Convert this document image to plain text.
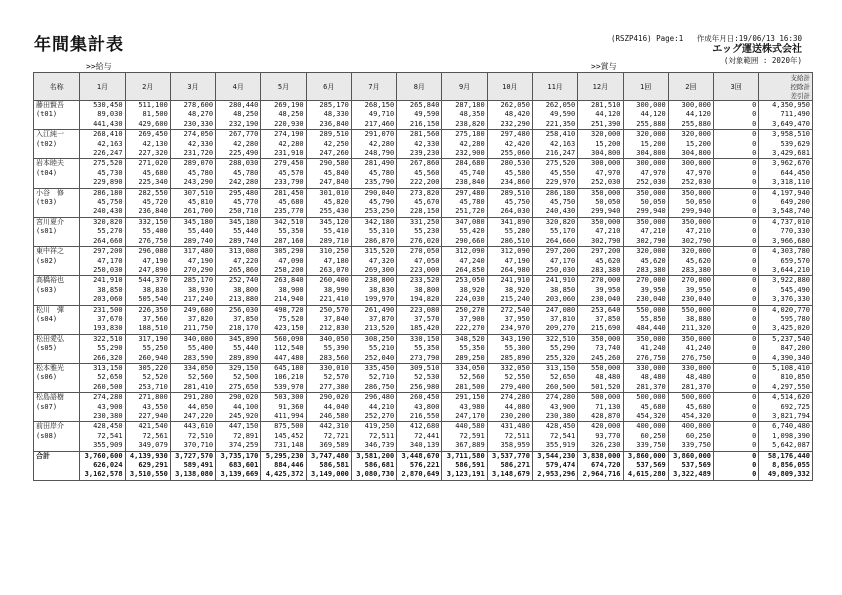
年間集計表	(RSZP416) Page:1 作成年月日:19/06/13 16:30
エッグ運送株式会社
(対象範囲 : 2020年)
>>給与	>>賞与
名称	1月	2月	3月	4月	5月	6月	7月	8月	9月	10月	11月	12月	1回	2回	3回	支給計
控除計
差引計

藤田賢吾	530,450	511,100	278,600	280,440	269,190	285,170	268,150	265,840	287,180	262,050	262,050	281,510	300,000	300,000	0	4,350,950
(t01)	89,030	81,500	48,270	48,250	48,250	48,330	49,710	49,590	48,350	48,420	49,590	44,120	44,120	44,120	0	711,490
	441,430	429,600	230,330	232,190	220,930	236,840	217,460	216,150	238,820	232,290	221,350	251,390	255,880	255,880	0	3,649,470
入江純一	268,410	269,450	274,050	267,770	274,190	289,510	291,070	281,560	275,180	297,480	258,410	320,000	320,000	320,000	0	3,958,510
(t02)	42,163	42,130	42,330	42,280	42,280	42,250	42,280	42,330	42,280	42,420	42,163	15,200	15,200	15,200	0	539,629
	226,247	227,320	231,720	225,490	231,910	247,260	248,790	239,230	232,900	255,060	216,247	304,800	304,800	304,800	0	3,429,681
岩本睦夫	275,520	271,020	289,070	288,030	279,450	290,580	281,490	267,860	284,680	280,530	275,520	300,000	300,000	300,000	0	3,962,670
(t04)	45,730	45,680	45,780	45,780	45,570	45,840	45,780	45,560	45,740	45,580	45,550	47,970	47,970	47,970	0	644,450
	229,890	225,340	243,290	242,280	233,790	247,840	235,790	222,200	238,840	234,860	229,970	252,030	252,030	252,030	0	3,318,110
小谷　修	286,180	282,550	307,510	295,480	281,450	301,010	290,040	273,820	297,480	289,510	286,180	350,000	350,000	350,000	0	4,197,940
(t03)	45,750	45,720	45,810	45,770	45,680	45,820	45,790	45,670	45,780	45,750	45,750	50,050	50,050	50,050	0	649,200
	240,430	236,840	261,700	250,710	235,770	255,430	253,250	228,150	251,720	264,030	240,430	299,940	299,940	299,940	0	3,548,740
宮川夏介	320,820	332,150	345,180	345,180	342,510	345,120	342,180	331,250	347,080	341,890	320,820	350,000	350,000	350,000	0	4,737,010
(s01)	55,270	55,400	55,440	55,440	55,350	55,410	55,310	55,230	55,420	55,280	55,170	47,210	47,210	47,210	0	770,330
	264,660	276,750	289,740	289,740	287,160	289,710	286,870	276,020	290,660	286,510	264,660	302,790	302,790	302,790	0	3,966,680
東中祥之	297,200	296,080	317,480	313,080	305,290	310,250	315,520	270,050	312,090	312,090	297,200	297,200	320,000	320,000	0	4,303,780
(s02)	47,170	47,190	47,190	47,220	47,090	47,180	47,320	47,050	47,240	47,190	47,170	45,620	45,620	45,620	0	659,570
	250,030	247,890	270,290	265,860	258,200	263,070	269,300	223,000	264,850	264,980	250,030	283,380	283,380	283,380	0	3,644,210
高橋裕也	241,910	544,370	285,170	252,740	263,840	260,400	238,800	233,520	253,050	241,910	241,910	270,000	270,000	270,000	0	3,922,880
(s03)	38,850	38,830	38,930	38,800	38,900	38,990	38,830	38,800	38,920	38,920	38,850	39,950	39,950	39,950	0	545,490
	203,060	505,540	217,240	213,880	214,940	221,410	199,970	194,820	224,030	215,240	203,060	230,040	230,040	230,040	0	3,376,330
松川　彈	231,500	226,350	249,680	256,030	498,720	250,570	261,490	223,080	250,270	272,540	247,080	253,640	550,000	550,000	0	4,020,770
(s04)	37,670	37,560	37,820	37,850	75,520	37,840	37,870	37,570	37,900	37,950	37,810	37,850	55,850	38,880	0	595,780
	193,830	188,510	211,750	218,170	423,150	212,830	213,520	185,420	222,270	234,970	209,270	215,690	484,440	211,320	0	3,425,020
松田愛弘	322,510	317,190	340,080	345,890	560,090	340,050	308,250	330,150	348,520	343,190	322,510	350,000	350,000	350,000	0	5,237,540
(s05)	55,290	55,250	55,400	55,440	112,540	55,390	55,210	55,350	55,350	55,300	55,290	73,740	41,240	41,240	0	847,200
	266,320	260,940	283,590	289,890	447,480	283,560	252,040	273,790	289,250	285,890	255,320	245,260	276,750	276,750	0	4,390,340
松本雅光	313,150	305,220	334,050	329,150	645,180	330,010	335,450	309,510	334,050	332,050	313,150	550,000	330,000	330,000	0	5,108,410
(s06)	52,650	52,520	52,560	52,500	106,210	52,570	52,710	52,530	52,560	52,550	52,650	48,480	48,480	48,480	0	810,850
	260,500	253,710	281,410	275,650	539,970	277,380	286,750	256,980	281,500	279,400	260,500	501,520	281,370	281,370	0	4,297,550
松島語樹	274,280	271,800	291,280	290,020	503,300	290,020	296,480	260,450	291,150	274,280	274,280	500,000	500,000	500,000	0	4,514,620
(s07)	43,900	43,550	44,050	44,100	91,360	44,040	44,210	43,800	43,980	44,080	43,900	71,130	45,680	45,680	0	692,725
	230,380	227,940	247,220	245,920	411,994	246,580	252,270	216,550	247,170	230,200	230,380	428,870	454,320	454,320	0	3,821,794
前田岸介	428,450	421,540	443,610	447,150	875,500	442,310	419,250	412,680	440,580	431,480	428,450	420,000	400,000	400,000	0	6,740,480
(s08)	72,541	72,561	72,510	72,891	145,452	72,721	72,511	72,441	72,591	72,511	72,541	93,770	60,250	60,250	0	1,098,390
	355,909	349,079	370,710	374,259	731,148	369,589	346,739	340,139	367,889	358,959	355,919	326,230	339,750	339,750	0	5,642,087
合計	3,760,600	4,139,930	3,727,570	3,735,170	5,295,230	3,747,480	3,581,200	3,448,670	3,711,580	3,537,770	3,544,230	3,838,000	3,860,000	3,860,000	0	58,176,440
	626,024	629,291	589,491	683,601	884,446	586,581	586,681	576,221	586,591	586,271	579,474	674,720	537,569	537,569	0	8,856,055
	3,162,578	3,510,550	3,138,080	3,139,669	4,425,372	3,149,000	3,080,730	2,870,649	3,123,191	3,148,679	2,953,296	2,964,716	4,615,280	3,322,489	0	49,809,332
